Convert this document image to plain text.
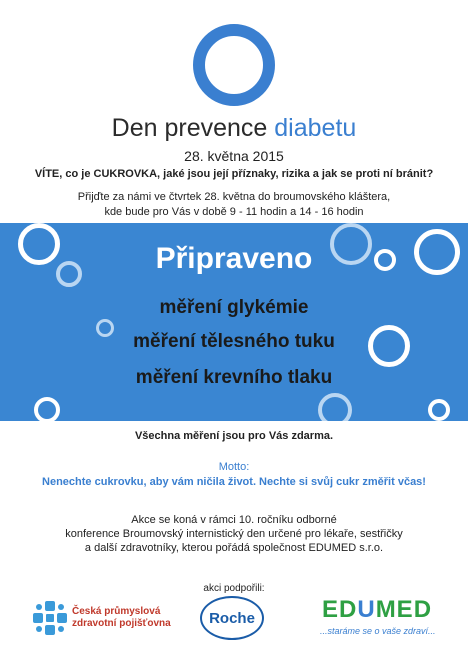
Den prevence diabetu
28. května 2015
VÍTE, co je CUKROVKA, jaké jsou její příznaky, rizika a jak se proti ní bránit?
Přijďte za námi ve čtvrtek 28. května do broumovského kláštera,
kde bude pro Vás v době 9 - 11 hodin a 14 - 16 hodin
Připraveno
měření glykémie
měření tělesného tuku
měření krevního tlaku
Všechna měření jsou pro Vás zdarma.
Motto:
Nenechte cukrovku, aby vám ničila život. Nechte si svůj cukr změřit včas!
Akce se koná v rámci 10. ročníku odborné
konference Broumovský internistický den určené pro lékaře, sestřičky
a další zdravotníky, kterou pořádá společnost EDUMED s.r.o.
akci podpořili:
Česká průmyslová
zdravotní pojišťovna	Roche	EDUMED
...staráme se o vaše zdraví...
